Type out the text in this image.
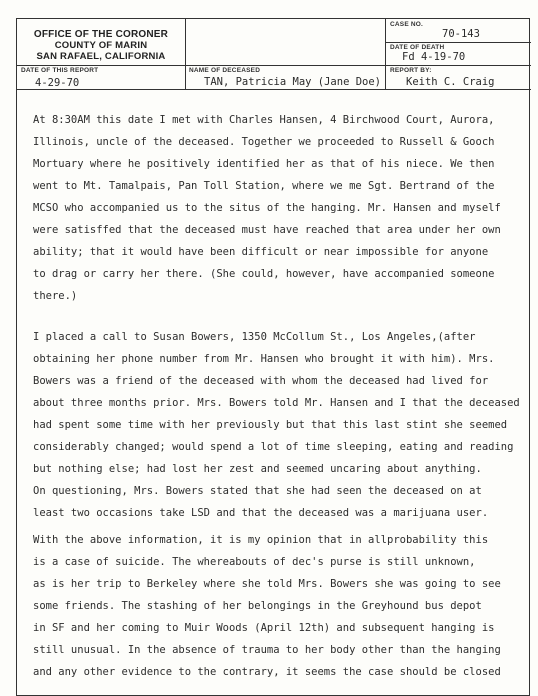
OFFICE OF THE CORONER
COUNTY OF MARIN
SAN RAFAEL, CALIFORNIA
CASE NO.
70-143
DATE OF DEATH
Fd 4-19-70
DATE OF THIS REPORT
4-29-70
NAME OF DECEASED
TAN, Patricia May (Jane Doe)
REPORT BY:
Keith C. Craig
At 8:30AM this date I met with Charles Hansen, 4 Birchwood Court, Aurora,
Illinois, uncle of the deceased. Together we proceeded to Russell & Gooch
Mortuary where he positively identified her as that of his niece. We then
went to Mt. Tamalpais, Pan Toll Station, where we me Sgt. Bertrand of the
MCSO who accompanied us to the situs of the hanging. Mr. Hansen and myself
were satisffed that the deceased must have reached that area under her own
ability; that it would have been difficult or near impossible for anyone
to drag or carry her there. (She could, however, have accompanied someone
there.)
I placed a call to Susan Bowers, 1350 McCollum St., Los Angeles,(after
obtaining her phone number from Mr. Hansen who brought it with him). Mrs.
Bowers was a friend of the deceased with whom the deceased had lived for
about three months prior. Mrs. Bowers told Mr. Hansen and I that the deceased
had spent some time with her previously but that this last stint she seemed
considerably changed; would spend a lot of time sleeping, eating and reading
but nothing else; had lost her zest and seemed uncaring about anything.
On questioning, Mrs. Bowers stated that she had seen the deceased on at
least two occasions take LSD and that the deceased was a marijuana user.
With the above information, it is my opinion that in allprobability this
is a case of suicide. The whereabouts of dec's purse is still unknown,
as is her trip to Berkeley where she told Mrs. Bowers she was going to see
some friends. The stashing of her belongings in the Greyhound bus depot
in SF and her coming to Muir Woods (April 12th) and subsequent hanging is
still unusual. In the absence of trauma to her body other than the hanging
and any other evidence to the contrary, it seems the case should be closed
